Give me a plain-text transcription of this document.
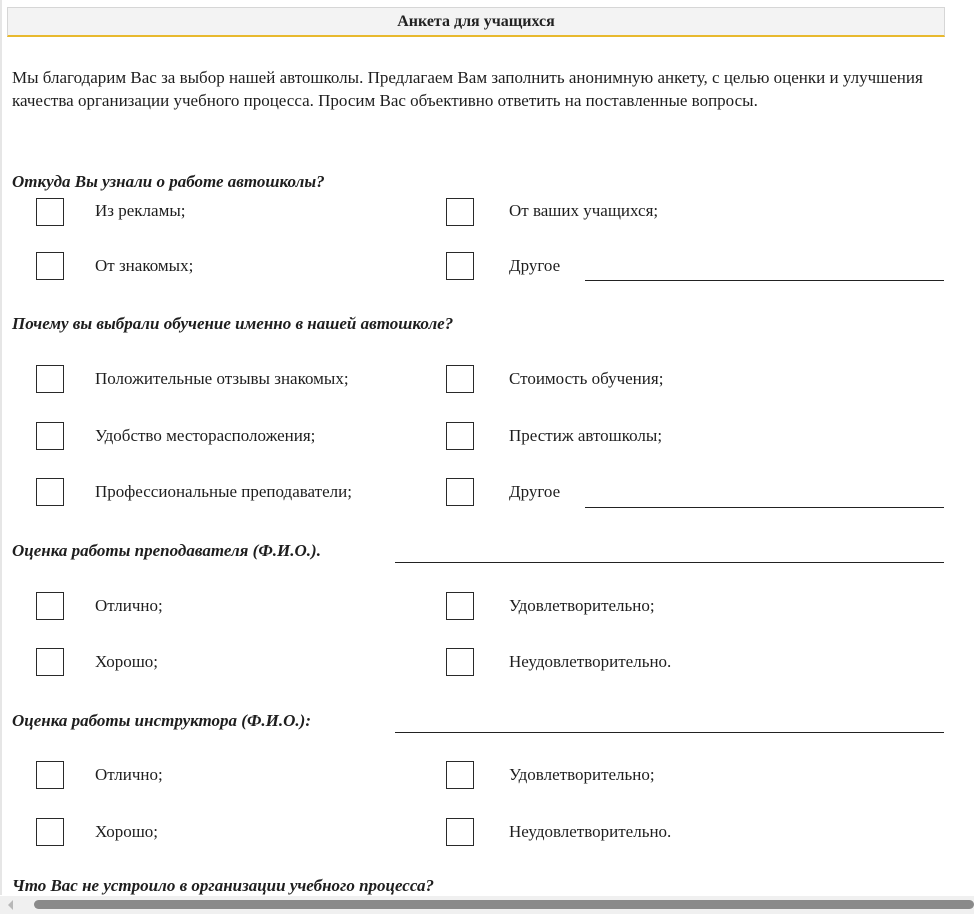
Анкета для учащихся
Мы благодарим Вас за выбор нашей автошколы. Предлагаем Вам заполнить анонимную анкету, с целью оценки и улучшения качества организации учебного процесса. Просим Вас объективно ответить на поставленные вопросы.
Откуда Вы узнали о работе автошколы?
Из рекламы;	От ваших учащихся;
От знакомых;	Другое
Почему вы выбрали обучение именно в нашей автошколе?
Положительные отзывы знакомых;	Стоимость обучения;
Удобство месторасположения;	Престиж автошколы;
Профессиональные преподаватели;	Другое
Оценка работы преподавателя (Ф.И.О.).
Отлично;	Удовлетворительно;
Хорошо;	Неудовлетворительно.
Оценка работы инструктора (Ф.И.О.):
Отлично;	Удовлетворительно;
Хорошо;	Неудовлетворительно.
Что Вас не устроило в организации учебного процесса?
